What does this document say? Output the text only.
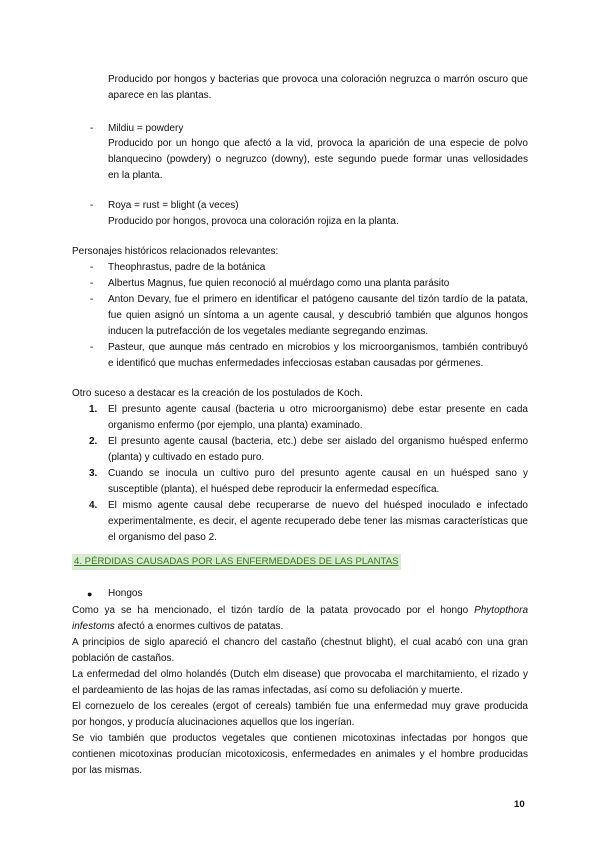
Producido por hongos y bacterias que provoca una coloración negruzca o marrón oscuro que
aparece en las plantas.
- Mildiu = powdery
Producido por un hongo que afectó a la vid, provoca la aparición de una especie de polvo
blanquecino (powdery) o negruzco (downy), este segundo puede formar unas vellosidades
en la planta.
- Roya = rust = blight (a veces)
Producido por hongos, provoca una coloración rojiza en la planta.
Personajes históricos relacionados relevantes:
- Theophrastus, padre de la botánica
- Albertus Magnus, fue quien reconoció al muérdago como una planta parásito
- Anton Devary, fue el primero en identificar el patógeno causante del tizón tardío de la patata,
fue quien asignó un síntoma a un agente causal, y descubrió también que algunos hongos
inducen la putrefacción de los vegetales mediante segregando enzimas.
- Pasteur, que aunque más centrado en microbios y los microorganismos, también contribuyó
e identificó que muchas enfermedades infecciosas estaban causadas por gérmenes.
Otro suceso a destacar es la creación de los postulados de Koch.
1. El presunto agente causal (bacteria u otro microorganismo) debe estar presente en cada
organismo enfermo (por ejemplo, una planta) examinado.
2. El presunto agente causal (bacteria, etc.) debe ser aislado del organismo huésped enfermo
(planta) y cultivado en estado puro.
3. Cuando se inocula un cultivo puro del presunto agente causal en un huésped sano y
susceptible (planta), el huésped debe reproducir la enfermedad específica.
4. El mismo agente causal debe recuperarse de nuevo del huésped inoculado e infectado
experimentalmente, es decir, el agente recuperado debe tener las mismas características que
el organismo del paso 2.
4. PÉRDIDAS CAUSADAS POR LAS ENFERMEDADES DE LAS PLANTAS
● Hongos
Como ya se ha mencionado, el tizón tardío de la patata provocado por el hongo Phytopthora
infestoms afectó a enormes cultivos de patatas.
A principios de siglo apareció el chancro del castaño (chestnut blight), el cual acabó con una gran
población de castaños.
La enfermedad del olmo holandés (Dutch elm disease) que provocaba el marchitamiento, el rizado y
el pardeamiento de las hojas de las ramas infectadas, así como su defoliación y muerte.
El cornezuelo de los cereales (ergot of cereals) también fue una enfermedad muy grave producida
por hongos, y producía alucinaciones aquellos que los ingerían.
Se vio también que productos vegetales que contienen micotoxinas infectadas por hongos que
contienen micotoxinas producían micotoxicosis, enfermedades en animales y el hombre producidas
por las mismas.
10
